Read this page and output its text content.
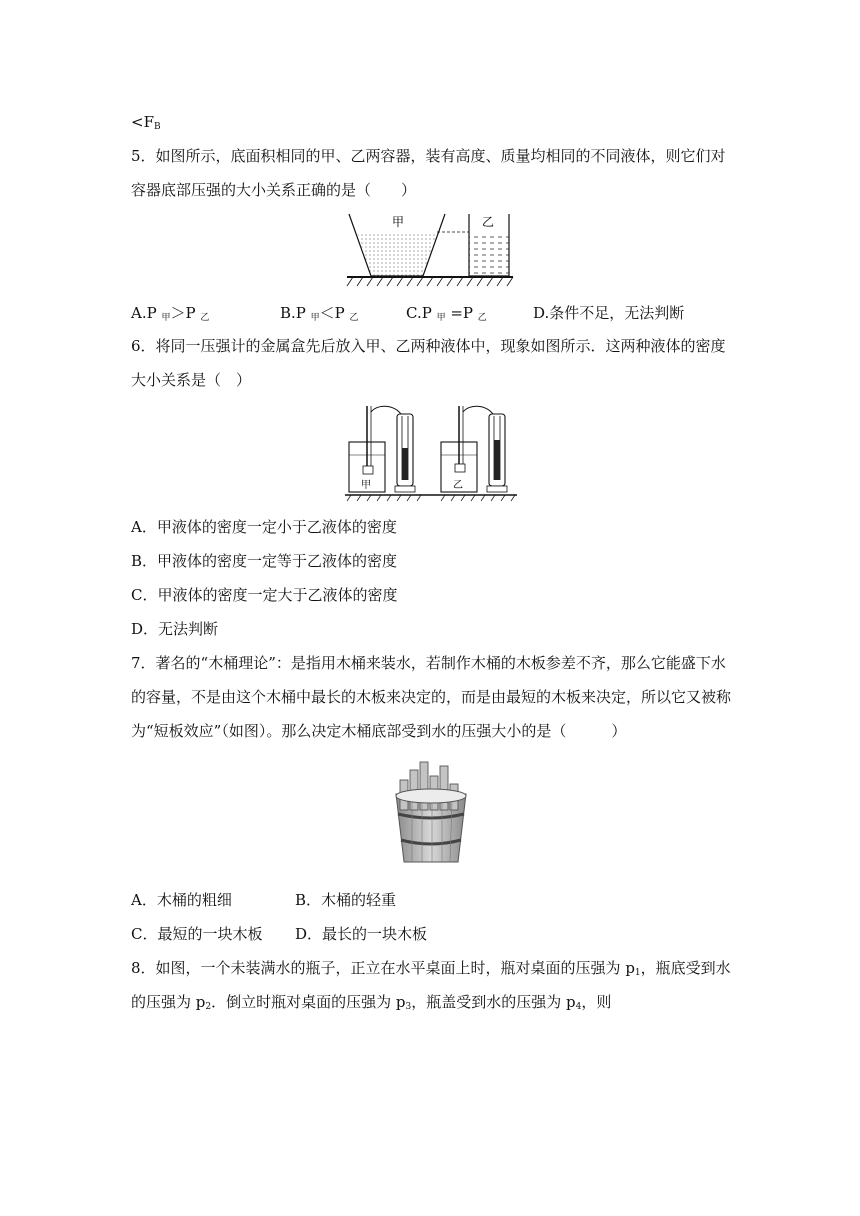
$<F_B$
5．如图所示，底面积相同的甲、乙两容器，装有高度、质量均相同的不同液体，则它们对
容器底部压强的大小关系正确的是（　　）
甲	乙
A.P $_甲$＞P $_乙$	B.P $_甲$＜P $_乙$	C.P $_甲$ =P $_乙$	D.条件不足，无法判断
6．将同一压强计的金属盒先后放入甲、乙两种液体中，现象如图所示．这两种液体的密度
大小关系是（　）
甲	乙
A．甲液体的密度一定小于乙液体的密度
B．甲液体的密度一定等于乙液体的密度
C．甲液体的密度一定大于乙液体的密度
D．无法判断
7．著名的“木桶理论”：是指用木桶来装水，若制作木桶的木板参差不齐，那么它能盛下水
的容量，不是由这个木桶中最长的木板来决定的，而是由最短的木板来决定，所以它又被称
为“短板效应”（如图）。那么决定木桶底部受到水的压强大小的是（　　　）
A．木桶的粗细	B．木桶的轻重
C．最短的一块木板 D．最长的一块木板
8．如图，一个未装满水的瓶子，正立在水平桌面上时，瓶对桌面的压强为 $p_1$，瓶底受到水
的压强为 $p_2$．倒立时瓶对桌面的压强为 $p_3$，瓶盖受到水的压强为 $p_4$，则
